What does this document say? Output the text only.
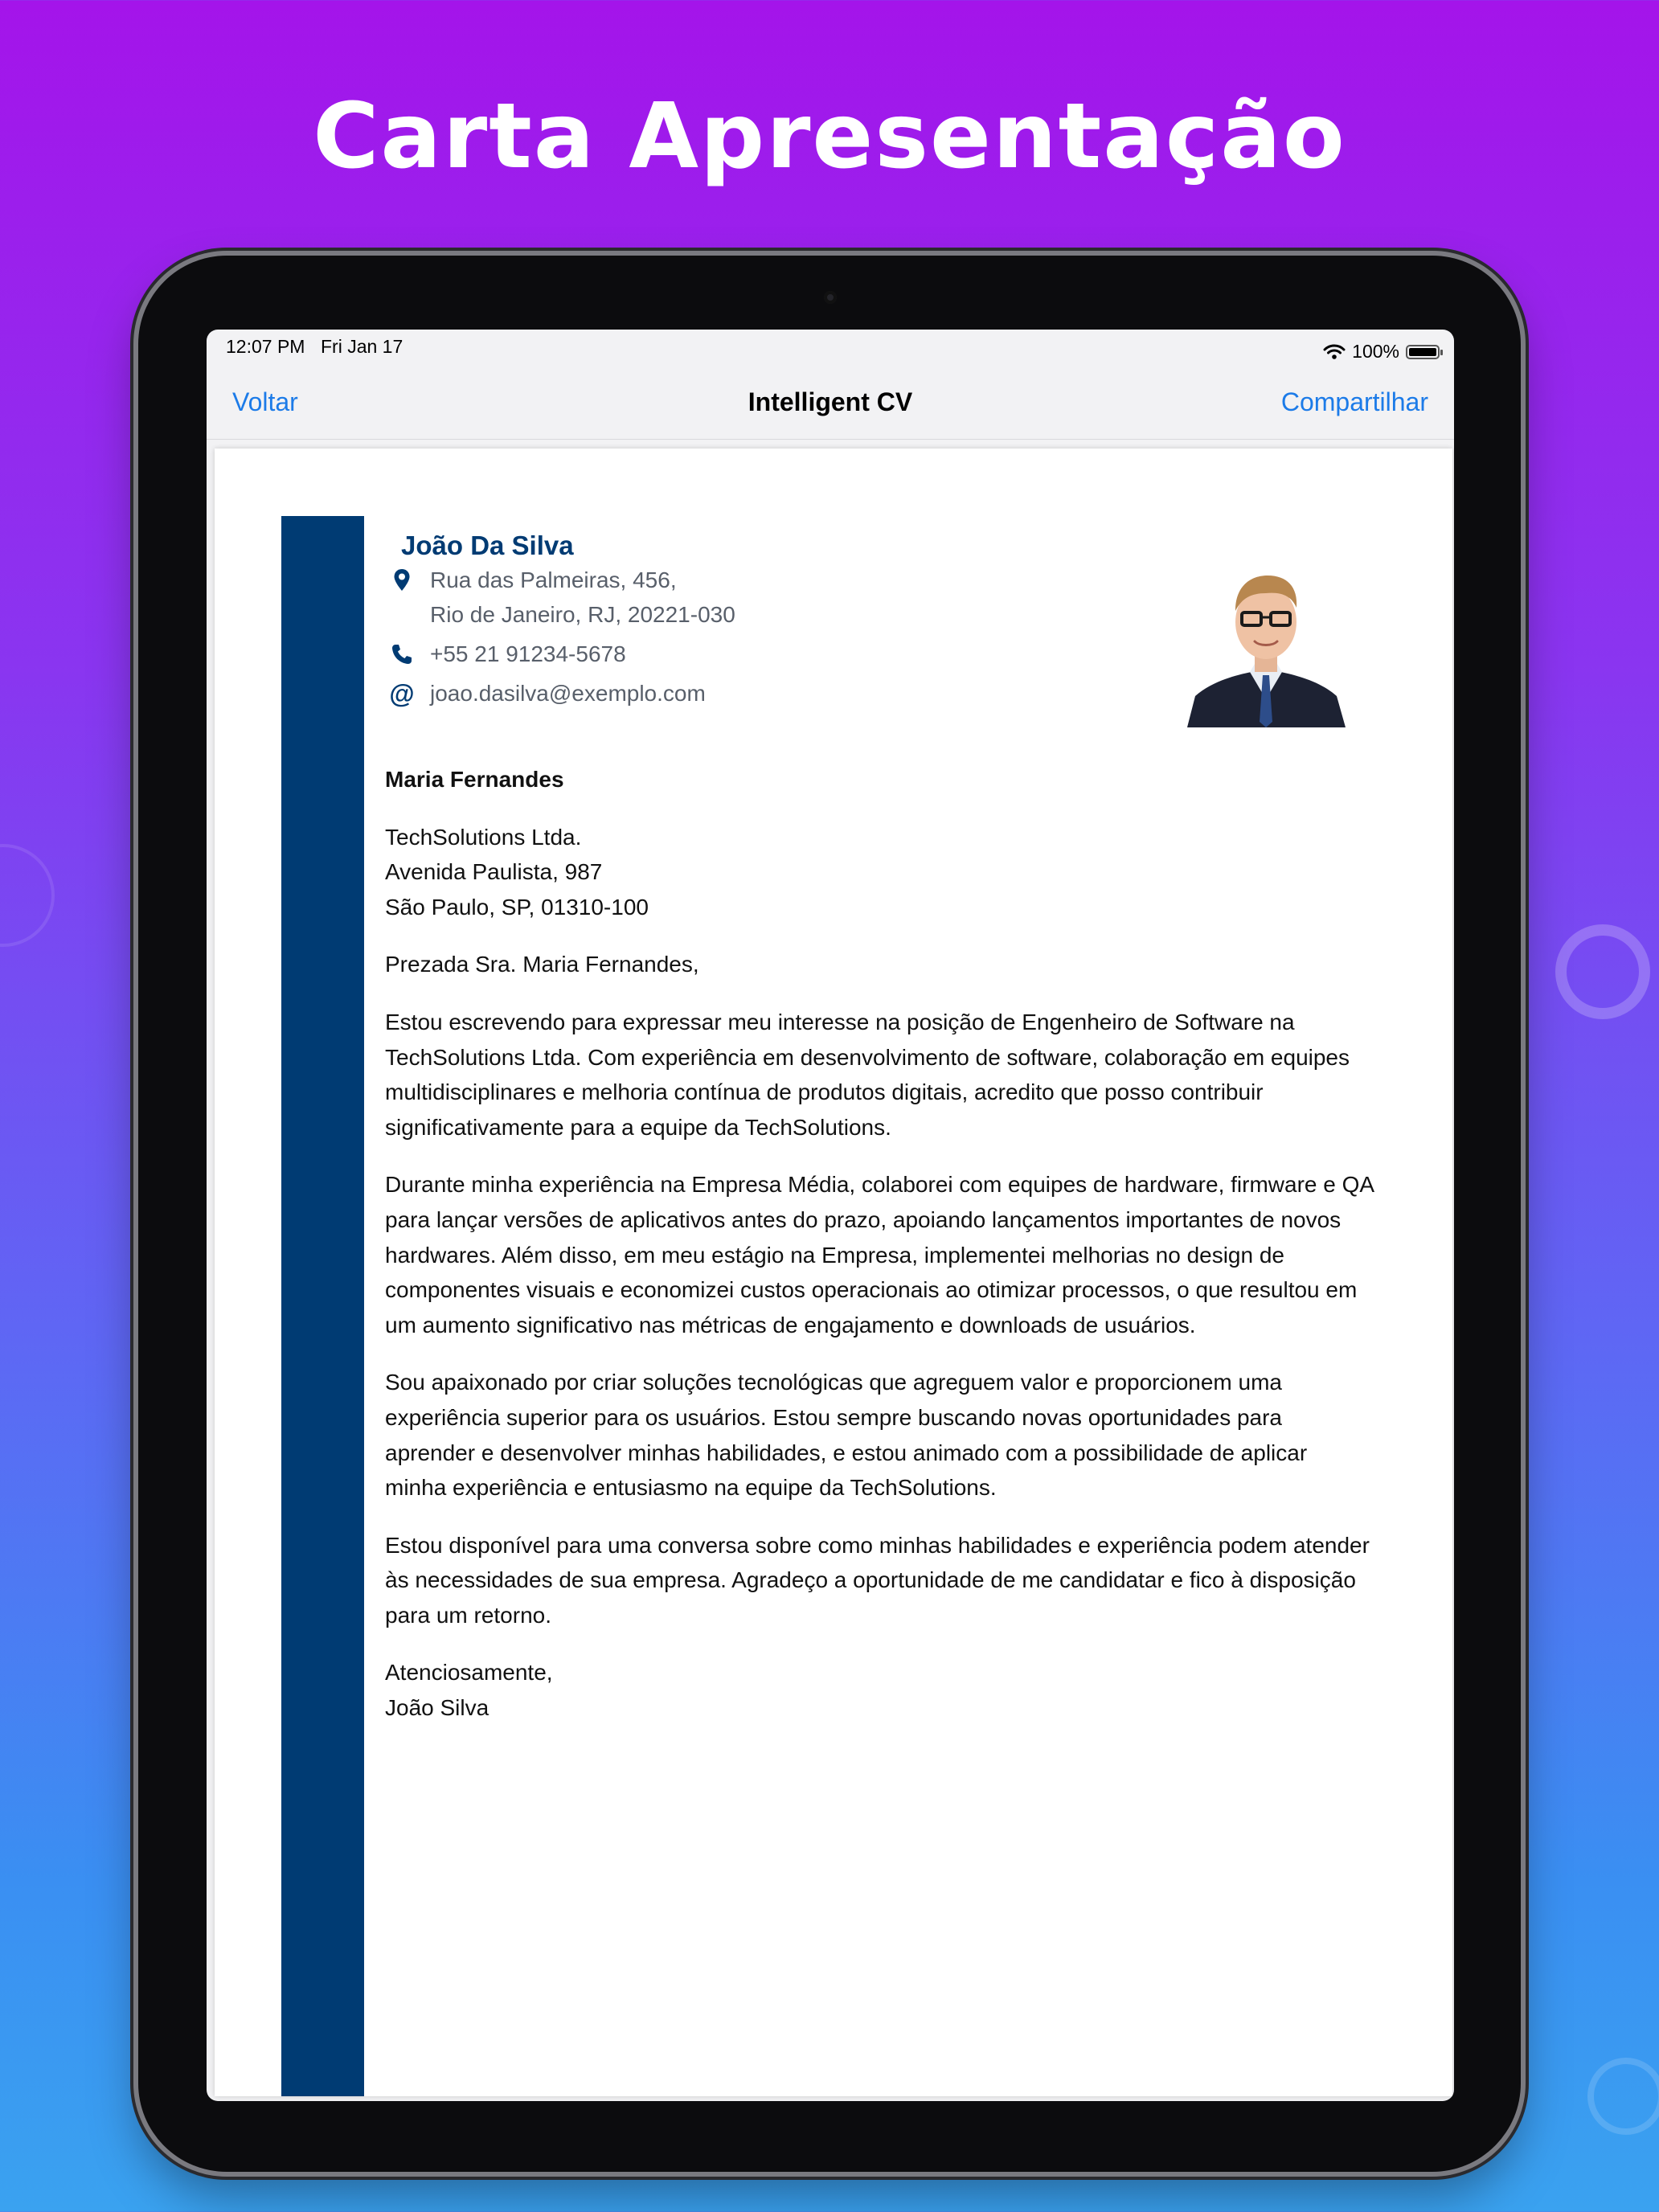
Carta Apresentação
12:07 PM Fri Jan 17	100%
Voltar	Intelligent CV	Compartilhar
João Da Silva
Rua das Palmeiras, 456,
Rio de Janeiro, RJ, 20221-030
+55 21 91234-5678
@ joao.dasilva@exemplo.com

Maria Fernandes

TechSolutions Ltda.
Avenida Paulista, 987
São Paulo, SP, 01310-100

Prezada Sra. Maria Fernandes,

Estou escrevendo para expressar meu interesse na posição de Engenheiro de Software na TechSolutions Ltda. Com experiência em desenvolvimento de software, colaboração em equipes multidisciplinares e melhoria contínua de produtos digitais, acredito que posso contribuir significativamente para a equipe da TechSolutions.

Durante minha experiência na Empresa Média, colaborei com equipes de hardware, firmware e QA para lançar versões de aplicativos antes do prazo, apoiando lançamentos importantes de novos hardwares. Além disso, em meu estágio na Empresa, implementei melhorias no design de componentes visuais e economizei custos operacionais ao otimizar processos, o que resultou em um aumento significativo nas métricas de engajamento e downloads de usuários.

Sou apaixonado por criar soluções tecnológicas que agreguem valor e proporcionem uma experiência superior para os usuários. Estou sempre buscando novas oportunidades para aprender e desenvolver minhas habilidades, e estou animado com a possibilidade de aplicar minha experiência e entusiasmo na equipe da TechSolutions.

Estou disponível para uma conversa sobre como minhas habilidades e experiência podem atender às necessidades de sua empresa. Agradeço a oportunidade de me candidatar e fico à disposição para um retorno.

Atenciosamente,
João Silva
